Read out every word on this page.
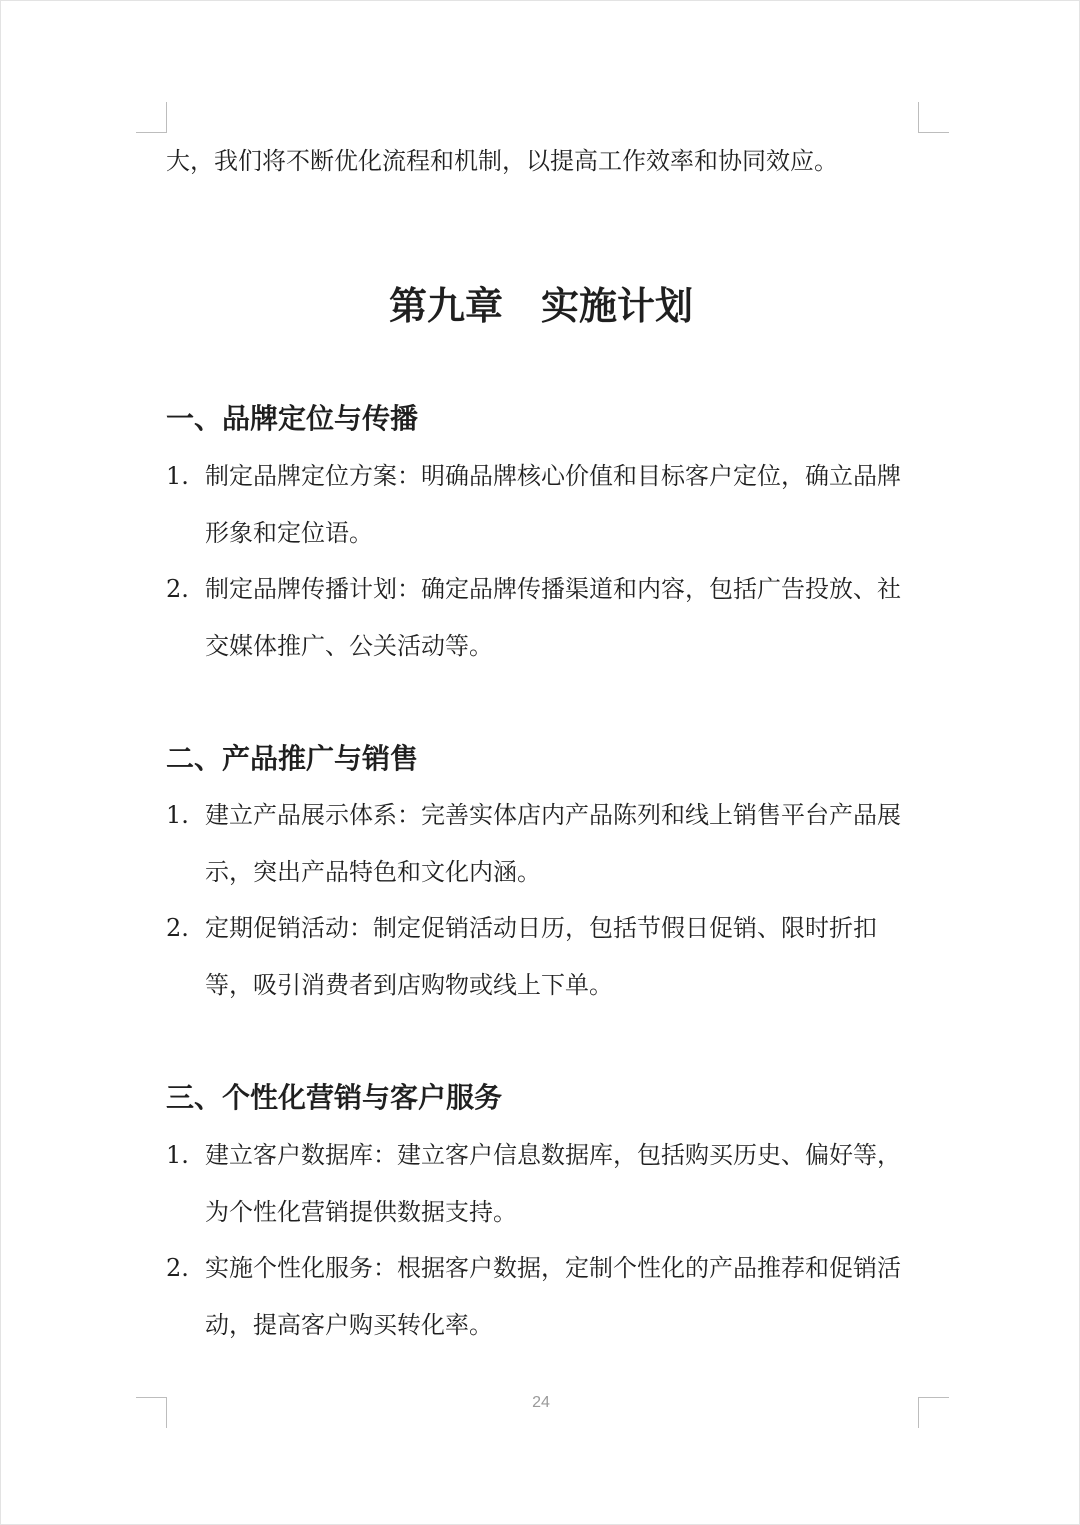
大，我们将不断优化流程和机制，以提高工作效率和协同效应。
第九章　实施计划
一、品牌定位与传播
1. 制定品牌定位方案：明确品牌核心价值和目标客户定位，确立品牌形象和定位语。
2. 制定品牌传播计划：确定品牌传播渠道和内容，包括广告投放、社交媒体推广、公关活动等。
二、产品推广与销售
1. 建立产品展示体系：完善实体店内产品陈列和线上销售平台产品展示，突出产品特色和文化内涵。
2. 定期促销活动：制定促销活动日历，包括节假日促销、限时折扣等，吸引消费者到店购物或线上下单。
三、个性化营销与客户服务
1. 建立客户数据库：建立客户信息数据库，包括购买历史、偏好等，为个性化营销提供数据支持。
2. 实施个性化服务：根据客户数据，定制个性化的产品推荐和促销活动，提高客户购买转化率。
24
